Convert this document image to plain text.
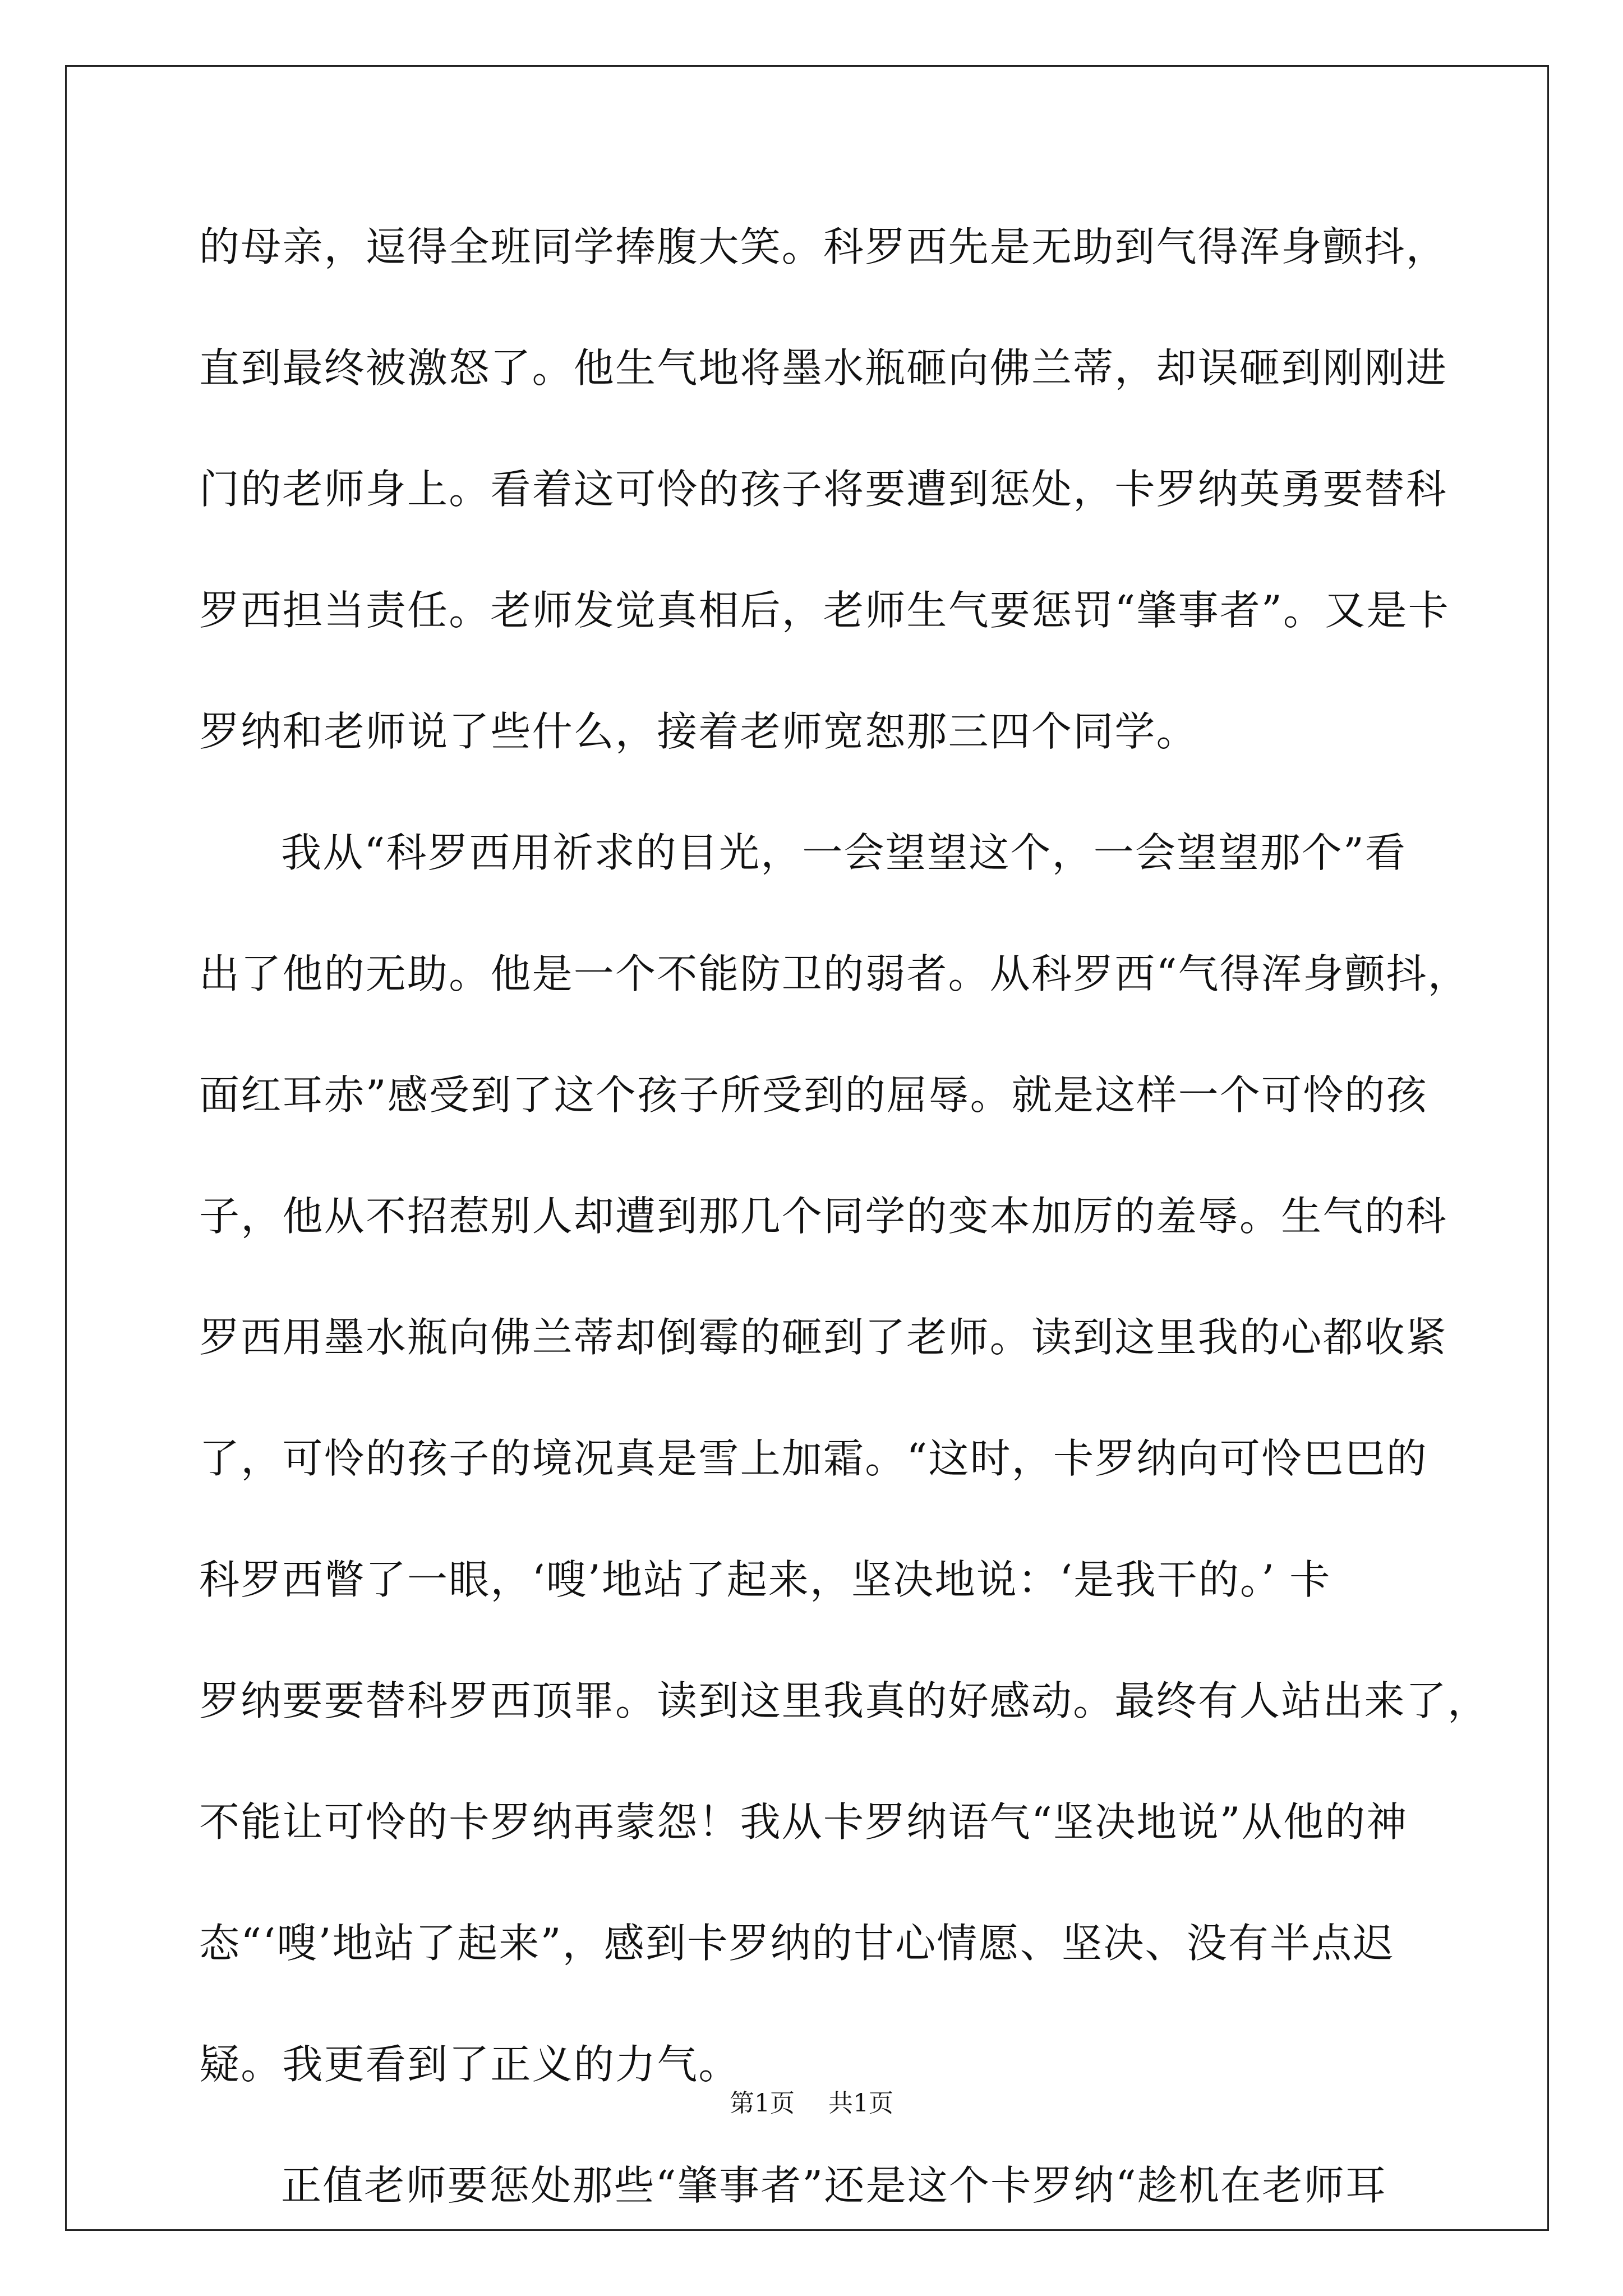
的母亲，逗得全班同学捧腹大笑。科罗西先是无助到气得浑身颤抖，
直到最终被激怒了。他生气地将墨水瓶砸向佛兰蒂，却误砸到刚刚进
门的老师身上。看着这可怜的孩子将要遭到惩处，卡罗纳英勇要替科
罗西担当责任。老师发觉真相后，老师生气要惩罚“肇事者”。又是卡
罗纳和老师说了些什么，接着老师宽恕那三四个同学。
我从“科罗西用祈求的目光，一会望望这个，一会望望那个”看
出了他的无助。他是一个不能防卫的弱者。从科罗西“气得浑身颤抖，
面红耳赤”感受到了这个孩子所受到的屈辱。就是这样一个可怜的孩
子，他从不招惹别人却遭到那几个同学的变本加厉的羞辱。生气的科
罗西用墨水瓶向佛兰蒂却倒霉的砸到了老师。读到这里我的心都收紧
了，可怜的孩子的境况真是雪上加霜。“这时，卡罗纳向可怜巴巴的
科罗西瞥了一眼，‘嗖’地站了起来，坚决地说：‘是我干的。’ 卡
罗纳要要替科罗西顶罪。读到这里我真的好感动。最终有人站出来了，
不能让可怜的卡罗纳再蒙怨！我从卡罗纳语气“坚决地说”从他的神
态“‘嗖’地站了起来”，感到卡罗纳的甘心情愿、坚决、没有半点迟
疑。我更看到了正义的力气。
正值老师要惩处那些“肇事者”还是这个卡罗纳“趁机在老师耳
第1页 共1页
